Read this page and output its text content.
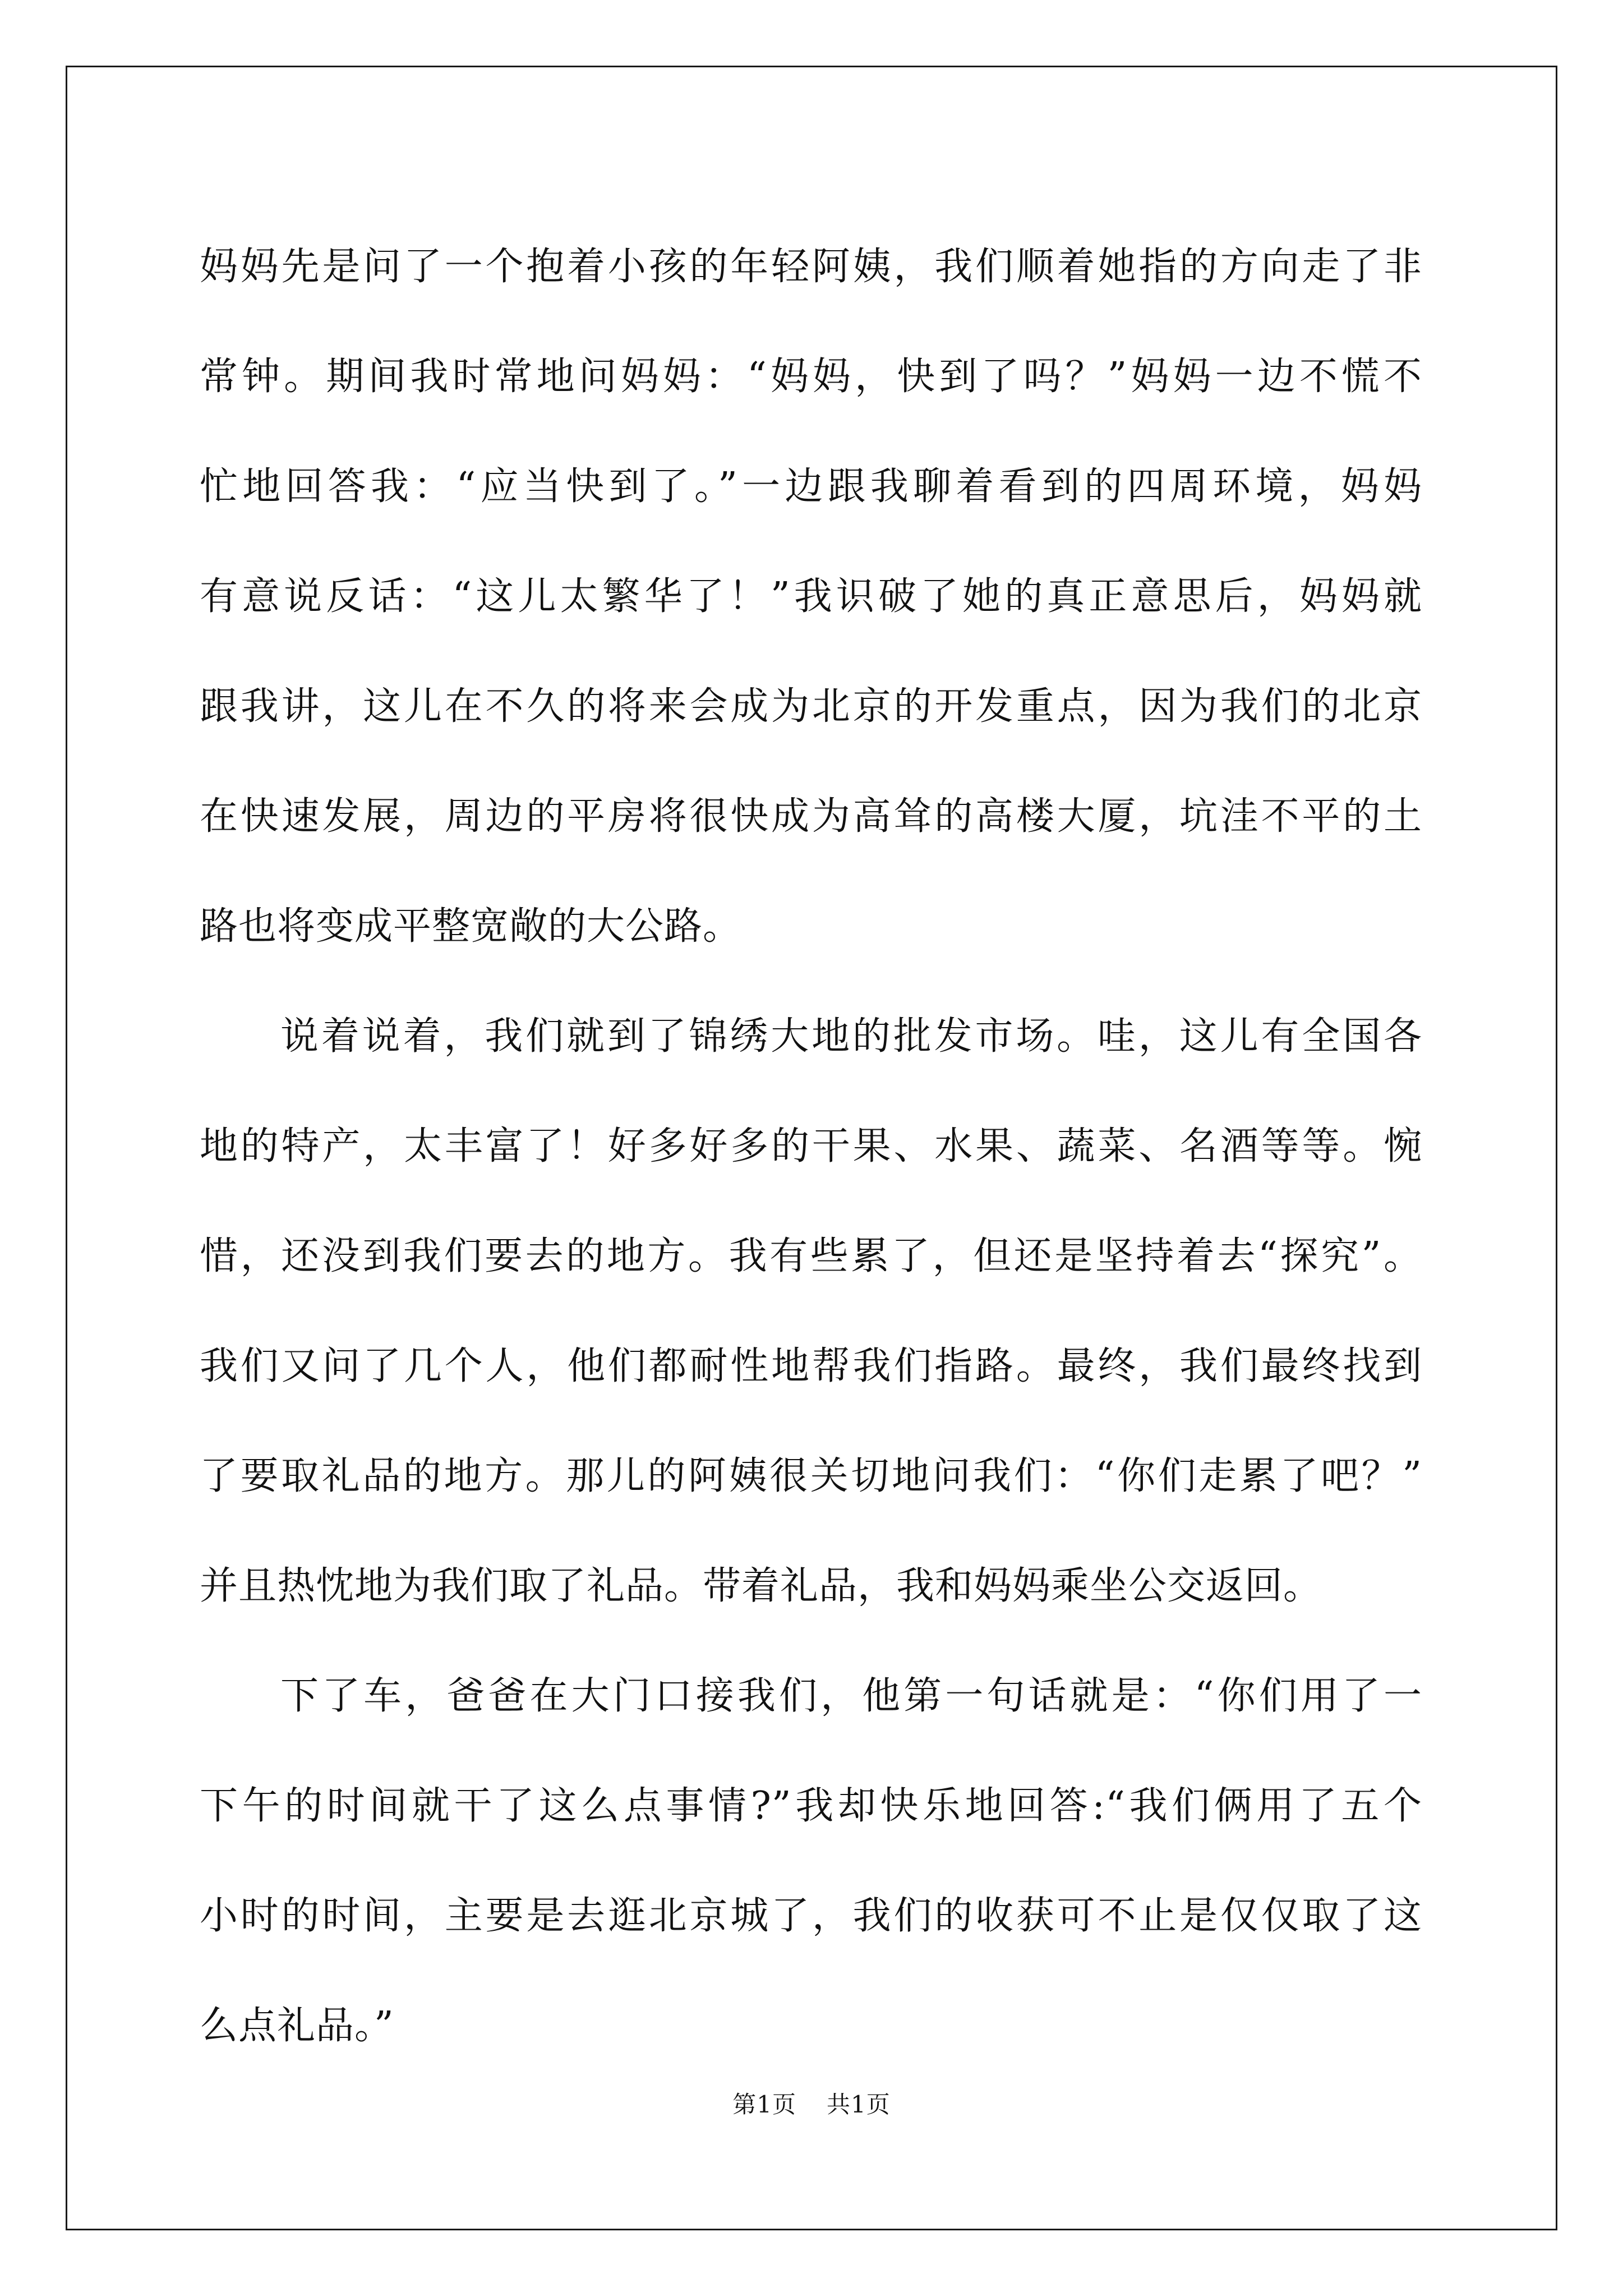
妈妈先是问了一个抱着小孩的年轻阿姨，我们顺着她指的方向走了非
常钟。期间我时常地问妈妈：“妈妈，快到了吗？”妈妈一边不慌不
忙地回答我：“应当快到了。”一边跟我聊着看到的四周环境，妈妈
有意说反话：“这儿太繁华了！”我识破了她的真正意思后，妈妈就
跟我讲，这儿在不久的将来会成为北京的开发重点，因为我们的北京
在快速发展，周边的平房将很快成为高耸的高楼大厦，坑洼不平的土
路也将变成平整宽敞的大公路。
说着说着，我们就到了锦绣大地的批发市场。哇，这儿有全国各
地的特产，太丰富了！好多好多的干果、水果、蔬菜、名酒等等。惋
惜，还没到我们要去的地方。我有些累了，但还是坚持着去“探究”。
我们又问了几个人，他们都耐性地帮我们指路。最终，我们最终找到
了要取礼品的地方。那儿的阿姨很关切地问我们：“你们走累了吧？”
并且热忱地为我们取了礼品。带着礼品，我和妈妈乘坐公交返回。
下了车，爸爸在大门口接我们，他第一句话就是：“你们用了一
下午的时间就干了这么点事情?”我却快乐地回答:“我们俩用了五个
小时的时间，主要是去逛北京城了，我们的收获可不止是仅仅取了这
么点礼品。”
第1页 共1页
